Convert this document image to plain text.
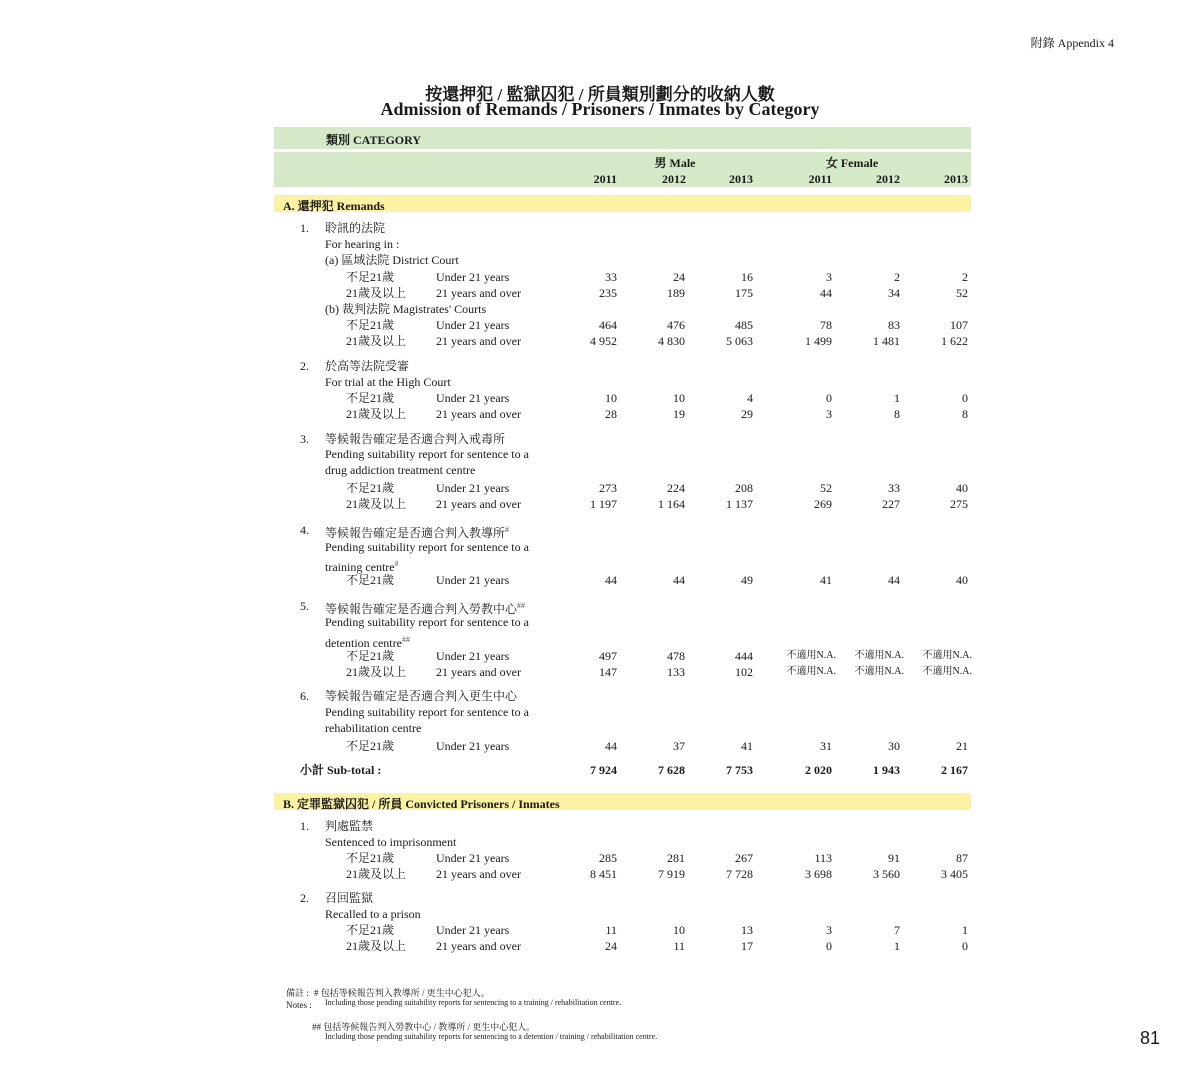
附錄 Appendix 4
按還押犯 / 監獄囚犯 / 所員類別劃分的收納人數
Admission of Remands / Prisoners / Inmates by Category
類別 CATEGORY
男 Male	女 Female
2011	2012	2013	2011	2012	2013
A. 還押犯 Remands
1. 聆訊的法院
For hearing in :
(a) 區域法院 District Court
不足21歲	Under 21 years	33	24	16	3	2	2
21歲及以上 21 years and over	235	189	175	44	34	52
(b) 裁判法院 Magistrates' Courts
不足21歲	Under 21 years	464	476	485	78	83	107
21歲及以上 21 years and over	4 952	4 830	5 063	1 499	1 481	1 622
2. 於高等法院受審
For trial at the High Court
不足21歲	Under 21 years	10	10	4	0	1	0
21歲及以上 21 years and over	28	19	29	3	8	8
3. 等候報告確定是否適合判入戒毒所
Pending suitability report for sentence to a
drug addiction treatment centre
不足21歲	Under 21 years	273	224	208	52	33	40
21歲及以上 21 years and over	1 197	1 164	1 137	269	227	275
4. 等候報告確定是否適合判入教導所#
Pending suitability report for sentence to a
training centre#
不足21歲	Under 21 years	44	44	49	41	44	40
5. 等候報告確定是否適合判入勞教中心##
Pending suitability report for sentence to a
detention centre##
不足21歲	Under 21 years	497	478	444	不適用N.A.	不適用N.A.	不適用N.A.
21歲及以上 21 years and over	147	133	102	不適用N.A.	不適用N.A.	不適用N.A.
6. 等候報告確定是否適合判入更生中心
Pending suitability report for sentence to a
rehabilitation centre
不足21歲	Under 21 years	44	37	41	31	30	21
小計 Sub-total :	7 924	7 628	7 753	2 020	1 943	2 167
B. 定罪監獄囚犯 / 所員 Convicted Prisoners / Inmates
1. 判處監禁
Sentenced to imprisonment
不足21歲	Under 21 years	285	281	267	113	91	87
21歲及以上 21 years and over	8 451	7 919	7 728	3 698	3 560	3 405
2. 召回監獄
Recalled to a prison
不足21歲	Under 21 years	11	10	13	3	7	1
21歲及以上 21 years and over	24	11	17	0	1	0
備註 : # 包括等候報告判入教導所 / 更生中心犯人。
Notes : Including those pending suitability reports for sentencing to a training / rehabilitation centre.
## 包括等候報告判入勞教中心 / 教導所 / 更生中心犯人。
Including those pending suitability reports for sentencing to a detention / training / rehabilitation centre.	81
